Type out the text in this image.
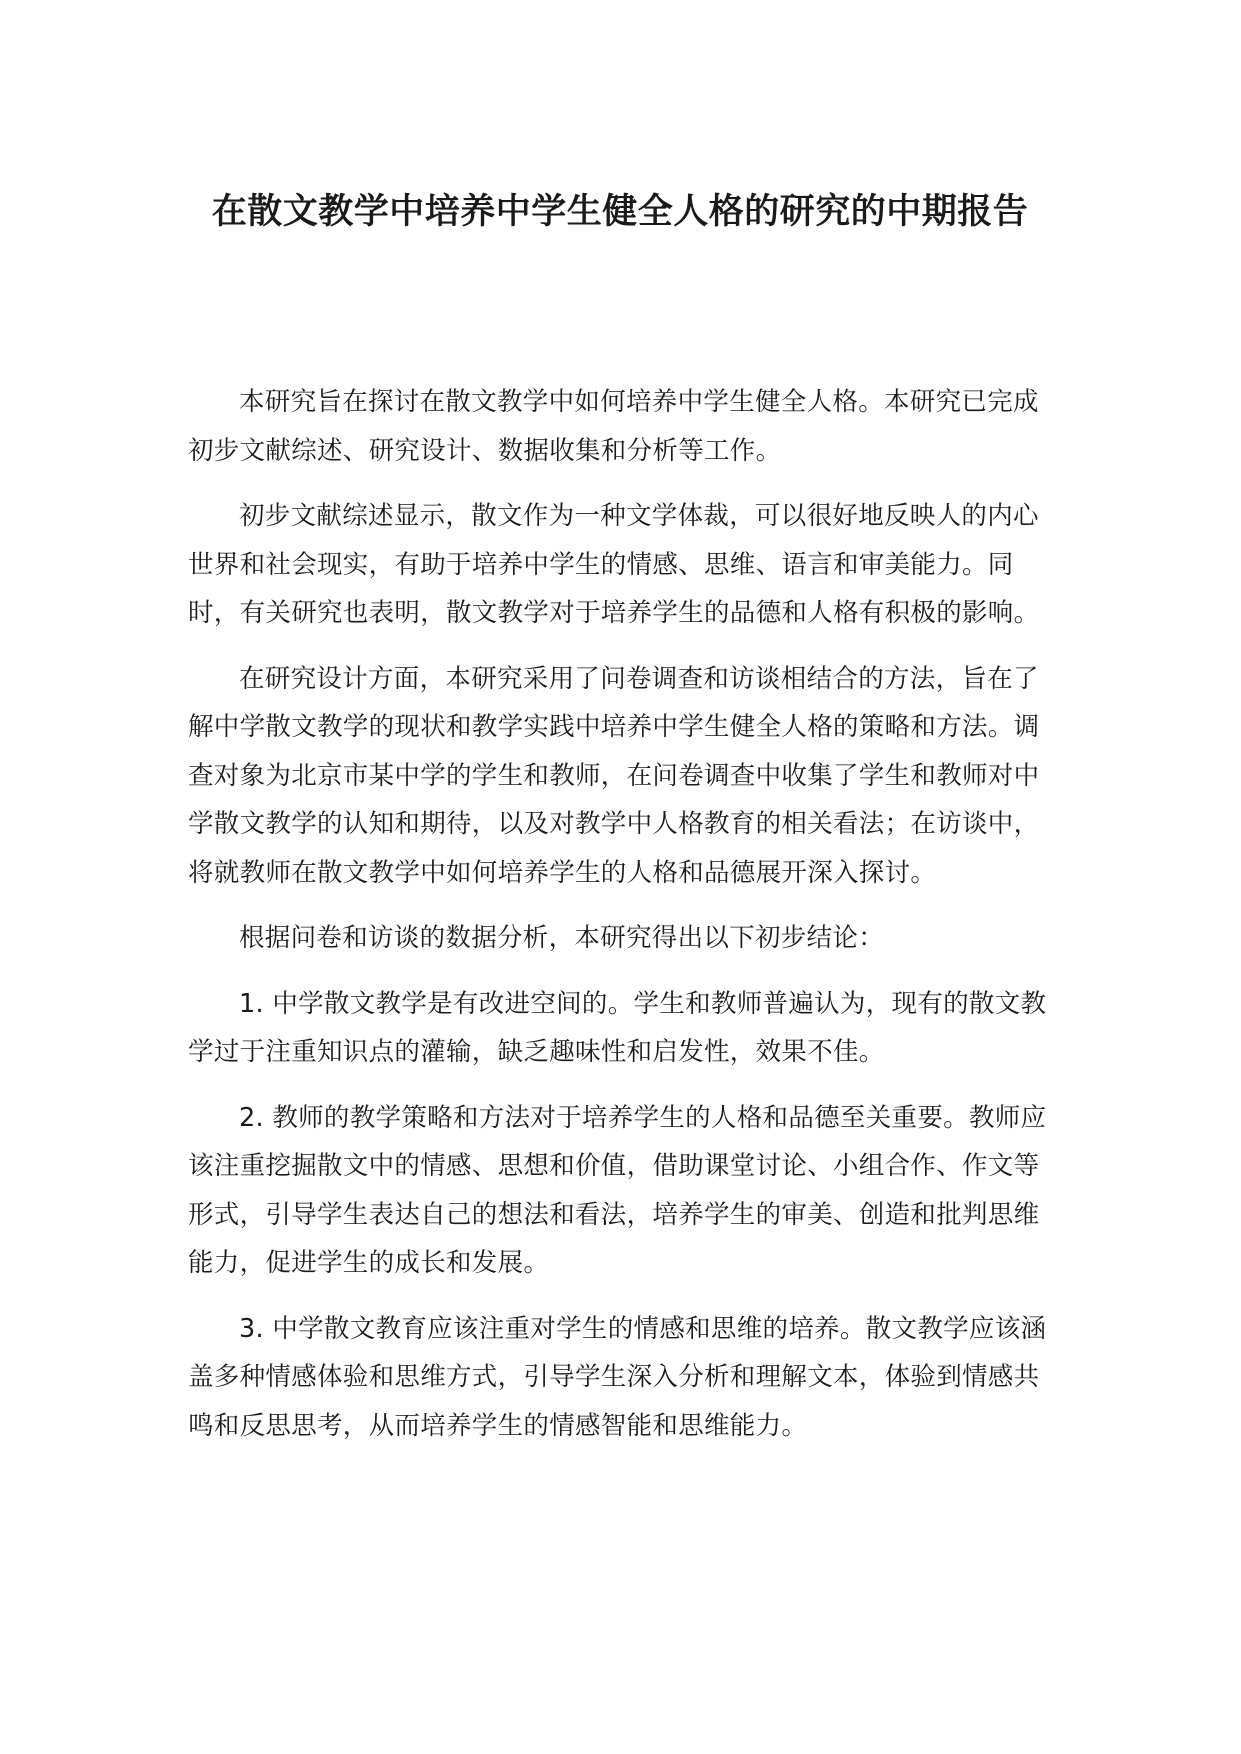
在散文教学中培养中学生健全人格的研究的中期报告

本研究旨在探讨在散文教学中如何培养中学生健全人格。本研究已完成初步文献综述、研究设计、数据收集和分析等工作。

初步文献综述显示，散文作为一种文学体裁，可以很好地反映人的内心世界和社会现实，有助于培养中学生的情感、思维、语言和审美能力。同时，有关研究也表明，散文教学对于培养学生的品德和人格有积极的影响。

在研究设计方面，本研究采用了问卷调查和访谈相结合的方法，旨在了解中学散文教学的现状和教学实践中培养中学生健全人格的策略和方法。调查对象为北京市某中学的学生和教师，在问卷调查中收集了学生和教师对中学散文教学的认知和期待，以及对教学中人格教育的相关看法；在访谈中，将就教师在散文教学中如何培养学生的人格和品德展开深入探讨。

根据问卷和访谈的数据分析，本研究得出以下初步结论：

1. 中学散文教学是有改进空间的。学生和教师普遍认为，现有的散文教学过于注重知识点的灌输，缺乏趣味性和启发性，效果不佳。

2. 教师的教学策略和方法对于培养学生的人格和品德至关重要。教师应该注重挖掘散文中的情感、思想和价值，借助课堂讨论、小组合作、作文等形式，引导学生表达自己的想法和看法，培养学生的审美、创造和批判思维能力，促进学生的成长和发展。

3. 中学散文教育应该注重对学生的情感和思维的培养。散文教学应该涵盖多种情感体验和思维方式，引导学生深入分析和理解文本，体验到情感共鸣和反思思考，从而培养学生的情感智能和思维能力。
